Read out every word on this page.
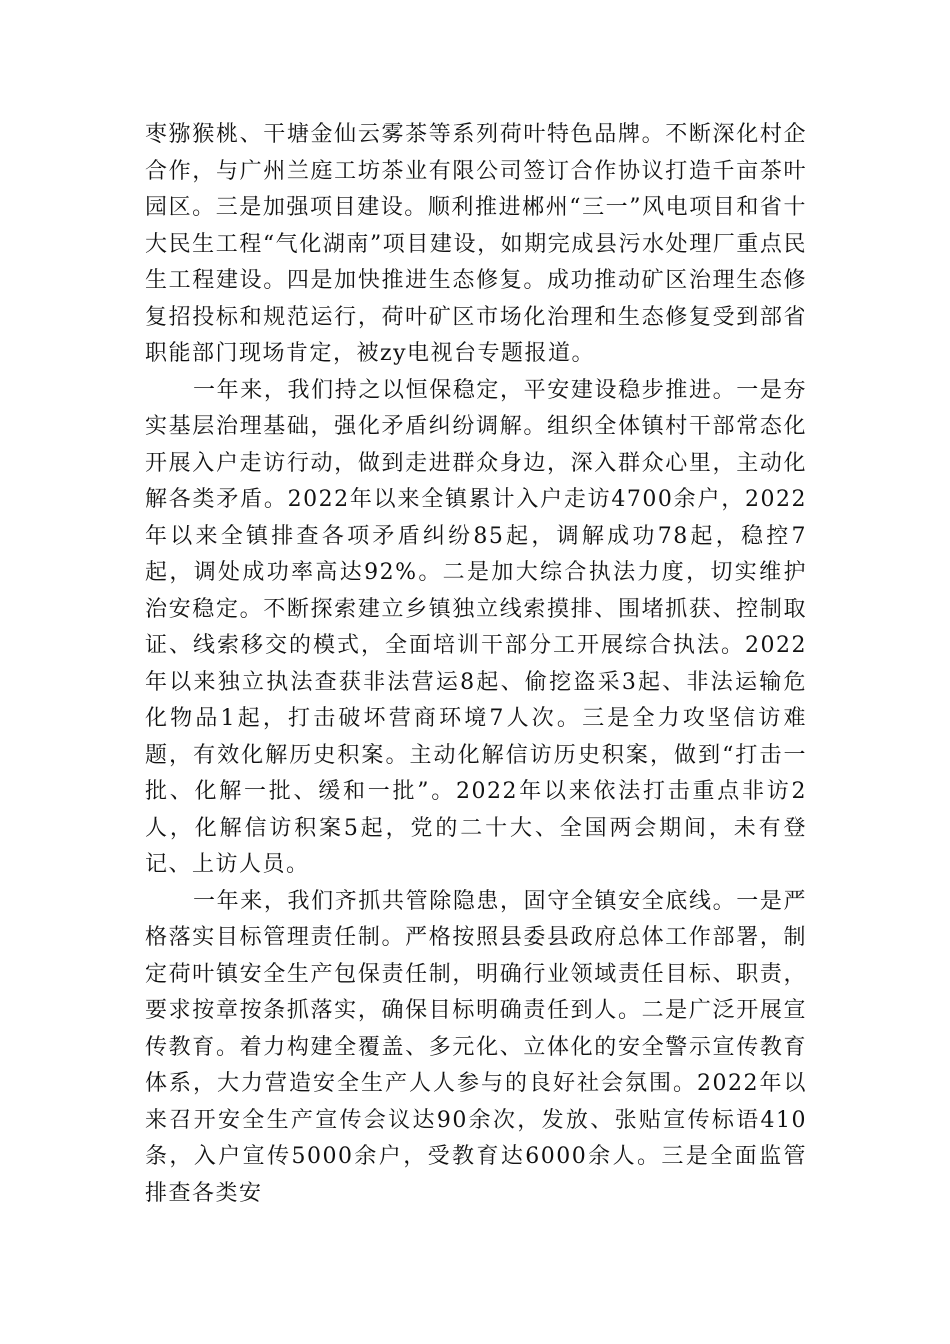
枣猕猴桃、干塘金仙云雾茶等系列荷叶特色品牌。不断深化村企合作，与广州兰庭工坊茶业有限公司签订合作协议打造千亩茶叶园区。三是加强项目建设。顺利推进郴州“三一”风电项目和省十大民生工程“气化湖南”项目建设，如期完成县污水处理厂重点民生工程建设。四是加快推进生态修复。成功推动矿区治理生态修复招投标和规范运行，荷叶矿区市场化治理和生态修复受到部省职能部门现场肯定，被zy电视台专题报道。

一年来，我们持之以恒保稳定，平安建设稳步推进。一是夯实基层治理基础，强化矛盾纠纷调解。组织全体镇村干部常态化开展入户走访行动，做到走进群众身边，深入群众心里，主动化解各类矛盾。2022年以来全镇累计入户走访4700余户，2022年以来全镇排查各项矛盾纠纷85起，调解成功78起，稳控7起，调处成功率高达92%。二是加大综合执法力度，切实维护治安稳定。不断探索建立乡镇独立线索摸排、围堵抓获、控制取证、线索移交的模式，全面培训干部分工开展综合执法。2022年以来独立执法查获非法营运8起、偷挖盗采3起、非法运输危化物品1起，打击破坏营商环境7人次。三是全力攻坚信访难题，有效化解历史积案。主动化解信访历史积案，做到“打击一批、化解一批、缓和一批”。2022年以来依法打击重点非访2人，化解信访积案5起，党的二十大、全国两会期间，未有登记、上访人员。

一年来，我们齐抓共管除隐患，固守全镇安全底线。一是严格落实目标管理责任制。严格按照县委县政府总体工作部署，制定荷叶镇安全生产包保责任制，明确行业领域责任目标、职责，要求按章按条抓落实，确保目标明确责任到人。二是广泛开展宣传教育。着力构建全覆盖、多元化、立体化的安全警示宣传教育体系，大力营造安全生产人人参与的良好社会氛围。2022年以来召开安全生产宣传会议达90余次，发放、张贴宣传标语410条，入户宣传5000余户，受教育达6000余人。三是全面监管排查各类安
